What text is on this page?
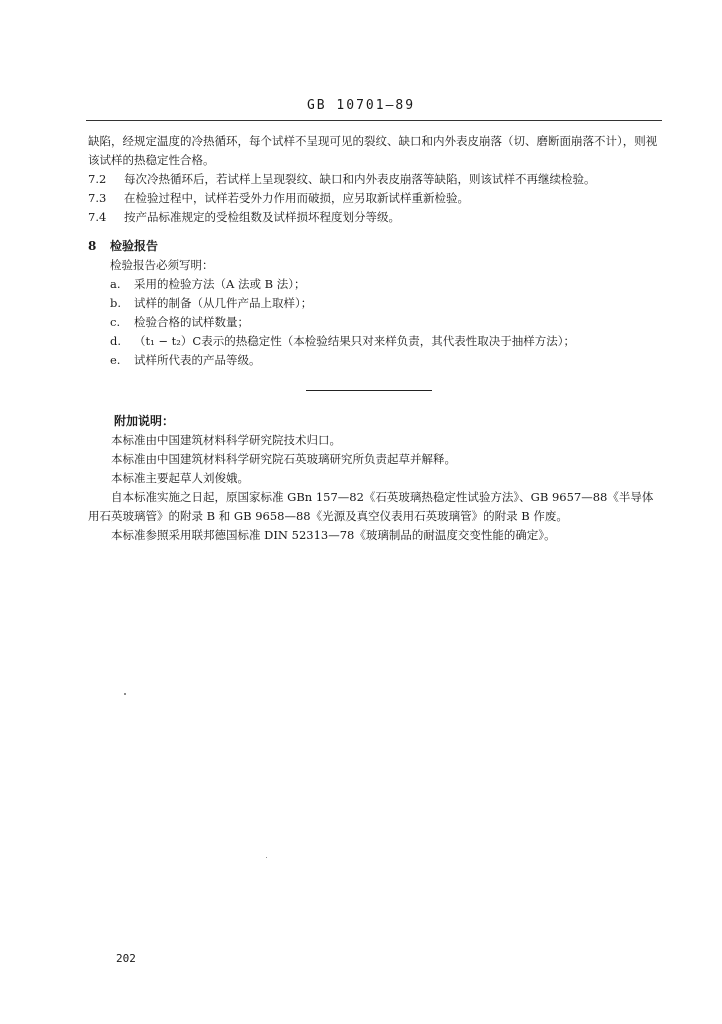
GB 10701—89

缺陷，经规定温度的冷热循环，每个试样不呈现可见的裂纹、缺口和内外表皮崩落（切、磨断面崩落不计），则视该试样的热稳定性合格。

7.2	每次冷热循环后，若试样上呈现裂纹、缺口和内外表皮崩落等缺陷，则该试样不再继续检验。
7.3	在检验过程中，试样若受外力作用而破损，应另取新试样重新检验。
7.4	按产品标准规定的受检组数及试样损坏程度划分等级。
8 检验报告

检验报告必须写明：

a.	采用的检验方法（A 法或 B 法）；
b.	试样的制备（从几件产品上取样）；
c.	检验合格的试样数量；
d.	（t₁ − t₂）C表示的热稳定性（本检验结果只对来样负责，其代表性取决于抽样方法）；
e.	试样所代表的产品等级。
附加说明：

本标准由中国建筑材料科学研究院技术归口。

本标准由中国建筑材料科学研究院石英玻璃研究所负责起草并解释。

本标准主要起草人刘俊娥。

自本标准实施之日起，原国家标准 GBn 157—82《石英玻璃热稳定性试验方法》、GB 9657—88《半导体用石英玻璃管》的附录 B 和 GB 9658—88《光源及真空仪表用石英玻璃管》的附录 B 作废。

本标准参照采用联邦德国标准 DIN 52313—78《玻璃制品的耐温度交变性能的确定》。

202
